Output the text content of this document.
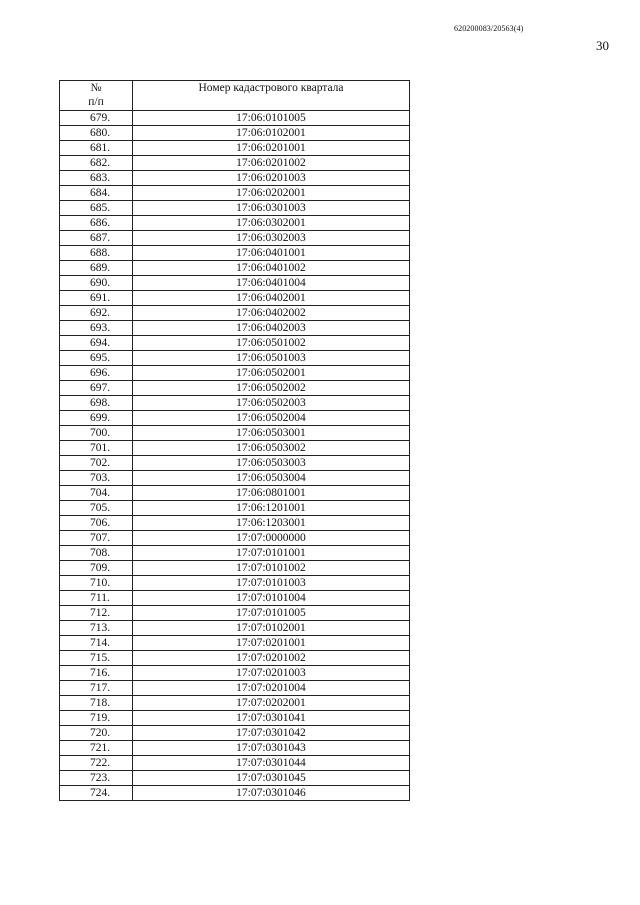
620200083/20563(4)
30
№
п/п	Номер кадастрового квартала
679.	17:06:0101005
680.	17:06:0102001
681.	17:06:0201001
682.	17:06:0201002
683.	17:06:0201003
684.	17:06:0202001
685.	17:06:0301003
686.	17:06:0302001
687.	17:06:0302003
688.	17:06:0401001
689.	17:06:0401002
690.	17:06:0401004
691.	17:06:0402001
692.	17:06:0402002
693.	17:06:0402003
694.	17:06:0501002
695.	17:06:0501003
696.	17:06:0502001
697.	17:06:0502002
698.	17:06:0502003
699.	17:06:0502004
700.	17:06:0503001
701.	17:06:0503002
702.	17:06:0503003
703.	17:06:0503004
704.	17:06:0801001
705.	17:06:1201001
706.	17:06:1203001
707.	17:07:0000000
708.	17:07:0101001
709.	17:07:0101002
710.	17:07:0101003
711.	17:07:0101004
712.	17:07:0101005
713.	17:07:0102001
714.	17:07:0201001
715.	17:07:0201002
716.	17:07:0201003
717.	17:07:0201004
718.	17:07:0202001
719.	17:07:0301041
720.	17:07:0301042
721.	17:07:0301043
722.	17:07:0301044
723.	17:07:0301045
724.	17:07:0301046
